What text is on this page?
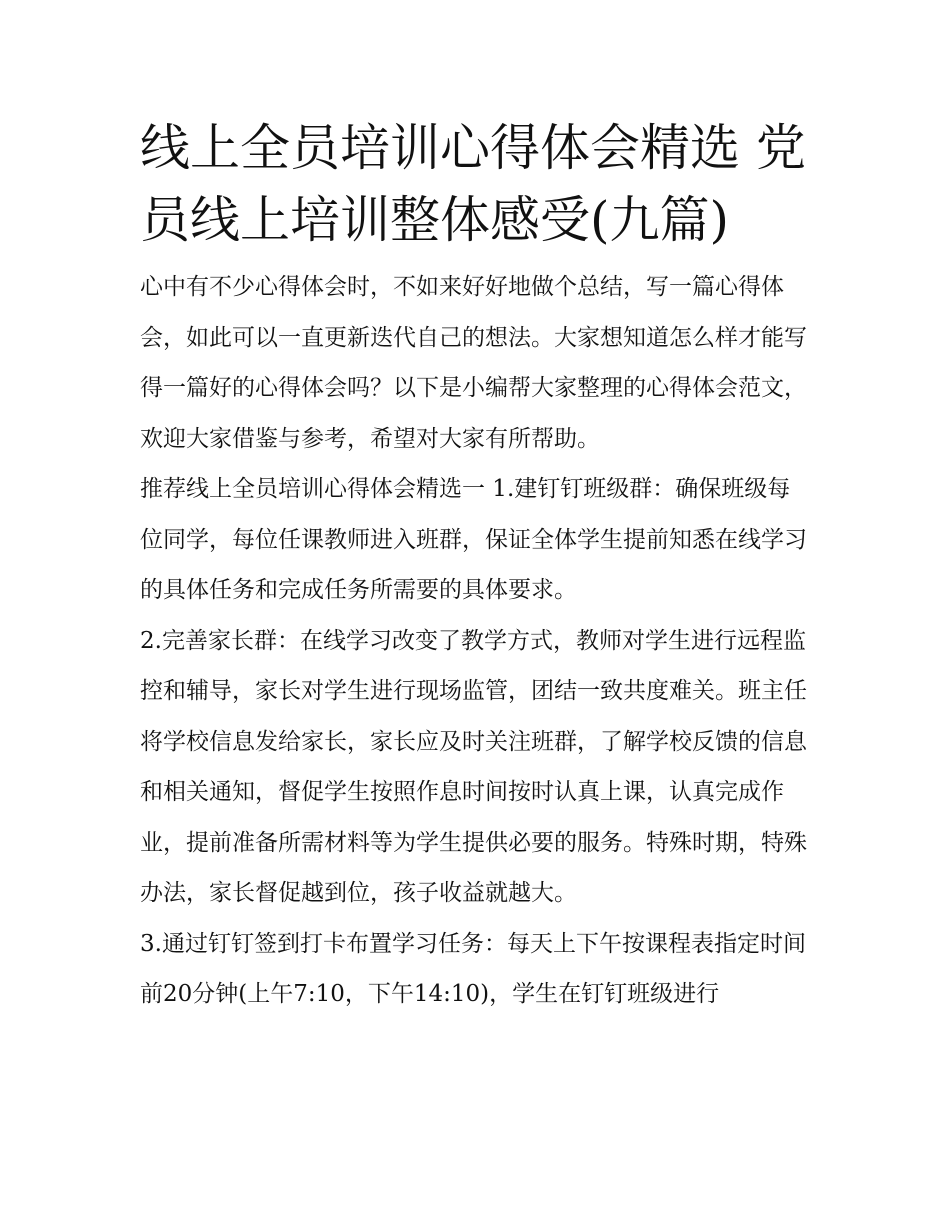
线上全员培训心得体会精选 党员线上培训整体感受(九篇)

心中有不少心得体会时，不如来好好地做个总结，写一篇心得体会，如此可以一直更新迭代自己的想法。大家想知道怎么样才能写得一篇好的心得体会吗？以下是小编帮大家整理的心得体会范文，欢迎大家借鉴与参考，希望对大家有所帮助。

推荐线上全员培训心得体会精选一 1.建钉钉班级群：确保班级每位同学，每位任课教师进入班群，保证全体学生提前知悉在线学习的具体任务和完成任务所需要的具体要求。

2.完善家长群：在线学习改变了教学方式，教师对学生进行远程监控和辅导，家长对学生进行现场监管，团结一致共度难关。班主任将学校信息发给家长，家长应及时关注班群，了解学校反馈的信息和相关通知，督促学生按照作息时间按时认真上课，认真完成作业，提前准备所需材料等为学生提供必要的服务。特殊时期，特殊办法，家长督促越到位，孩子收益就越大。

3.通过钉钉签到打卡布置学习任务：每天上下午按课程表指定时间前20分钟(上午7:10，下午14:10)，学生在钉钉班级进行
